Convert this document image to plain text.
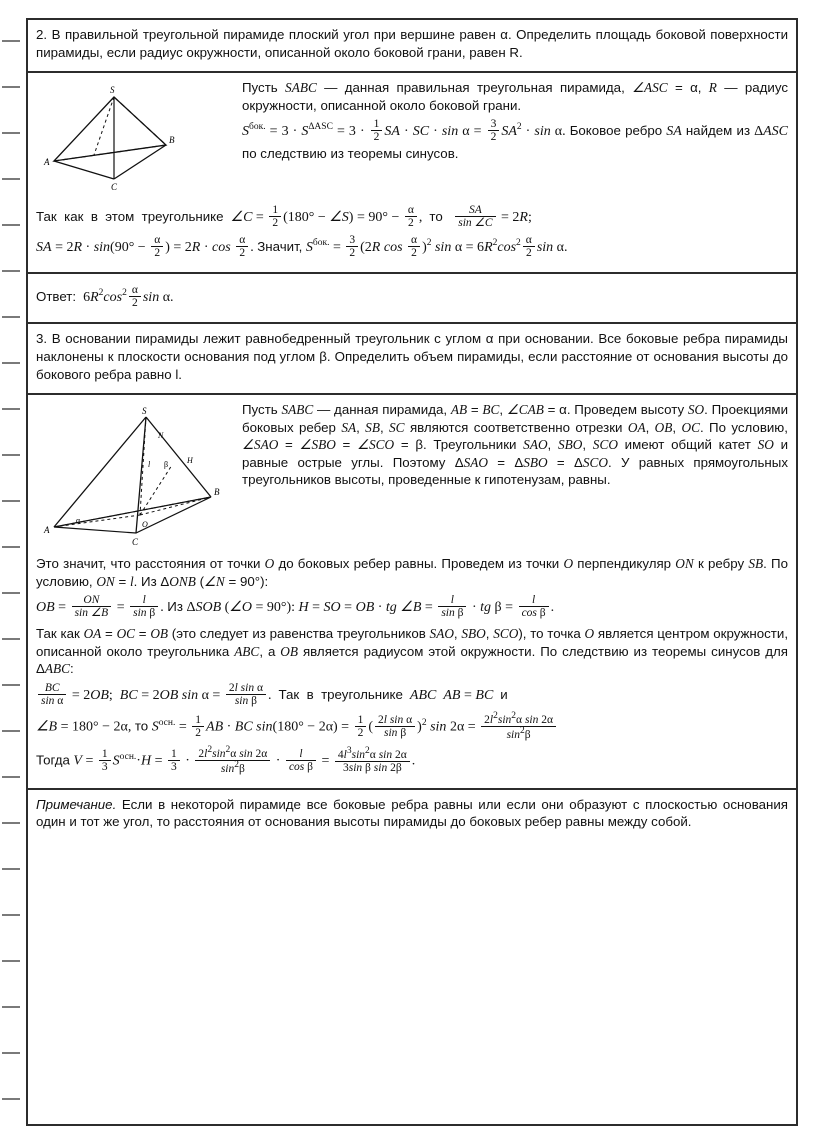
2. В правильной треугольной пирамиде плоский угол при вершине равен α. Определить площадь боковой поверхности пирамиды, если радиус окружности, описанной около боковой грани, равен R.

S
A
B
C

Пусть SABC — данная правильная треугольная пирамида, ∠ASC = α, R — радиус окружности, описанной около боковой грани.

$S^{бок.} = 3 \cdot S^{\Delta ASC} = 3 \cdot \frac{1}{2}$ SA · SC · $\sin \alpha = \frac{3}{2} SA^2 \cdot \sin \alpha$. Боковое ребро SA найдем из ΔASC по следствию из теоремы синусов.

Так  как  в  этом  треугольнике ∠C = $\frac{1}{2} (180^\circ$ − ∠S) = $90^\circ - \frac{\alpha}{2}$ ,  то $\frac{SA}{\sin \angle C} = 2R$;

SA = $2R \cdot \sin(90^\circ - \frac{\alpha}{2}$ ) = $2R \cdot \cos \frac{\alpha}{2}$ . Значит, $S^{бок.} = \frac{3}{2} (2R$ $\cos \frac{\alpha}{2} )^2$ $\sin \alpha = 6R^2\cos^2 \frac{\alpha}{2}$ sin α.

Ответ:  $6R^2\cos^2 \frac{\alpha}{2}$ sin α.

3. В основании пирамиды лежит равнобедренный треугольник с углом α при основании. Все боковые ребра пирамиды наклонены к плоскости основания под углом β. Определить объем пирамиды, если расстояние от основания высоты до бокового ребра равно l.

S
N
H
β
l
A
B
C
O
α

Пусть SABC — данная пирамида, AB = BC, ∠CAB = α. Проведем высоту SO. Проекциями боковых ребер SA, SB, SC являются соответственно отрезки OA, OB, OC. По условию, ∠SAO = ∠SBO = ∠SCO = β. Треугольники SAO, SBO, SCO имеют общий катет SO и равные острые углы. Поэтому ΔSAO = ΔSBO = ΔSCO. У равных прямоугольных треугольников высоты, проведенные к гипотенузам, равны.

Это значит, что расстояния от точки O до боковых ребер равны. Проведем из точки O перпендикуляр ON к ребру SB. По условию, ON = l. Из ΔONB (∠N = 90°):

OB = $\frac{ON}{\sin \angle B} = \frac{l}{\text{sin β}}$ . Из ΔSOB (∠O = 90°): H = SO = OB · tg ∠B = $\frac{l}{\text{sin β}}$ · tg $\beta = \frac{l}{\text{cos β}}$ .

Так как OA = OC = OB (это следует из равенства треугольников SAO, SBO, SCO), то точка O является центром окружности, описанной около треугольника ABC, а OB является радиусом этой окружности. По следствию из теоремы синусов для ΔABC:

$\frac{BC}{\text{sin α}} = 2OB$;  BC = 2OB $\sin \alpha = \frac{\text{2l sin α}}{\text{sin β}}$ .  Так  в  треугольнике ABC AB = BC и

∠B = 180° − 2α, то $S^{осн.} = \frac{1}{2}$ AB · BC $\sin(180^\circ - 2\alpha) = \frac{1}{2}$ ( $\frac{\text{2l sin α}}{\text{sin β}} )^2$ $\sin 2\alpha = \frac{2l^2\sin^2\alpha \sin 2\alpha}{\sin^2\beta}$

Тогда $V = \frac{1}{3} S^{осн.}\cdot H = \frac{1}{3} \cdot \frac{2l^2\sin^2\alpha \sin 2\alpha}{\sin^2\beta} \cdot \frac{l}{\text{cos β}} = \frac{4l^3\sin^2\alpha \sin 2\alpha}{\text{3sin β sin 2β}}$ .

Примечание. Если в некоторой пирамиде все боковые ребра равны или если они образуют с плоскостью основания один и тот же угол, то расстояния от основания высоты пирамиды до боковых ребер равны между собой.
